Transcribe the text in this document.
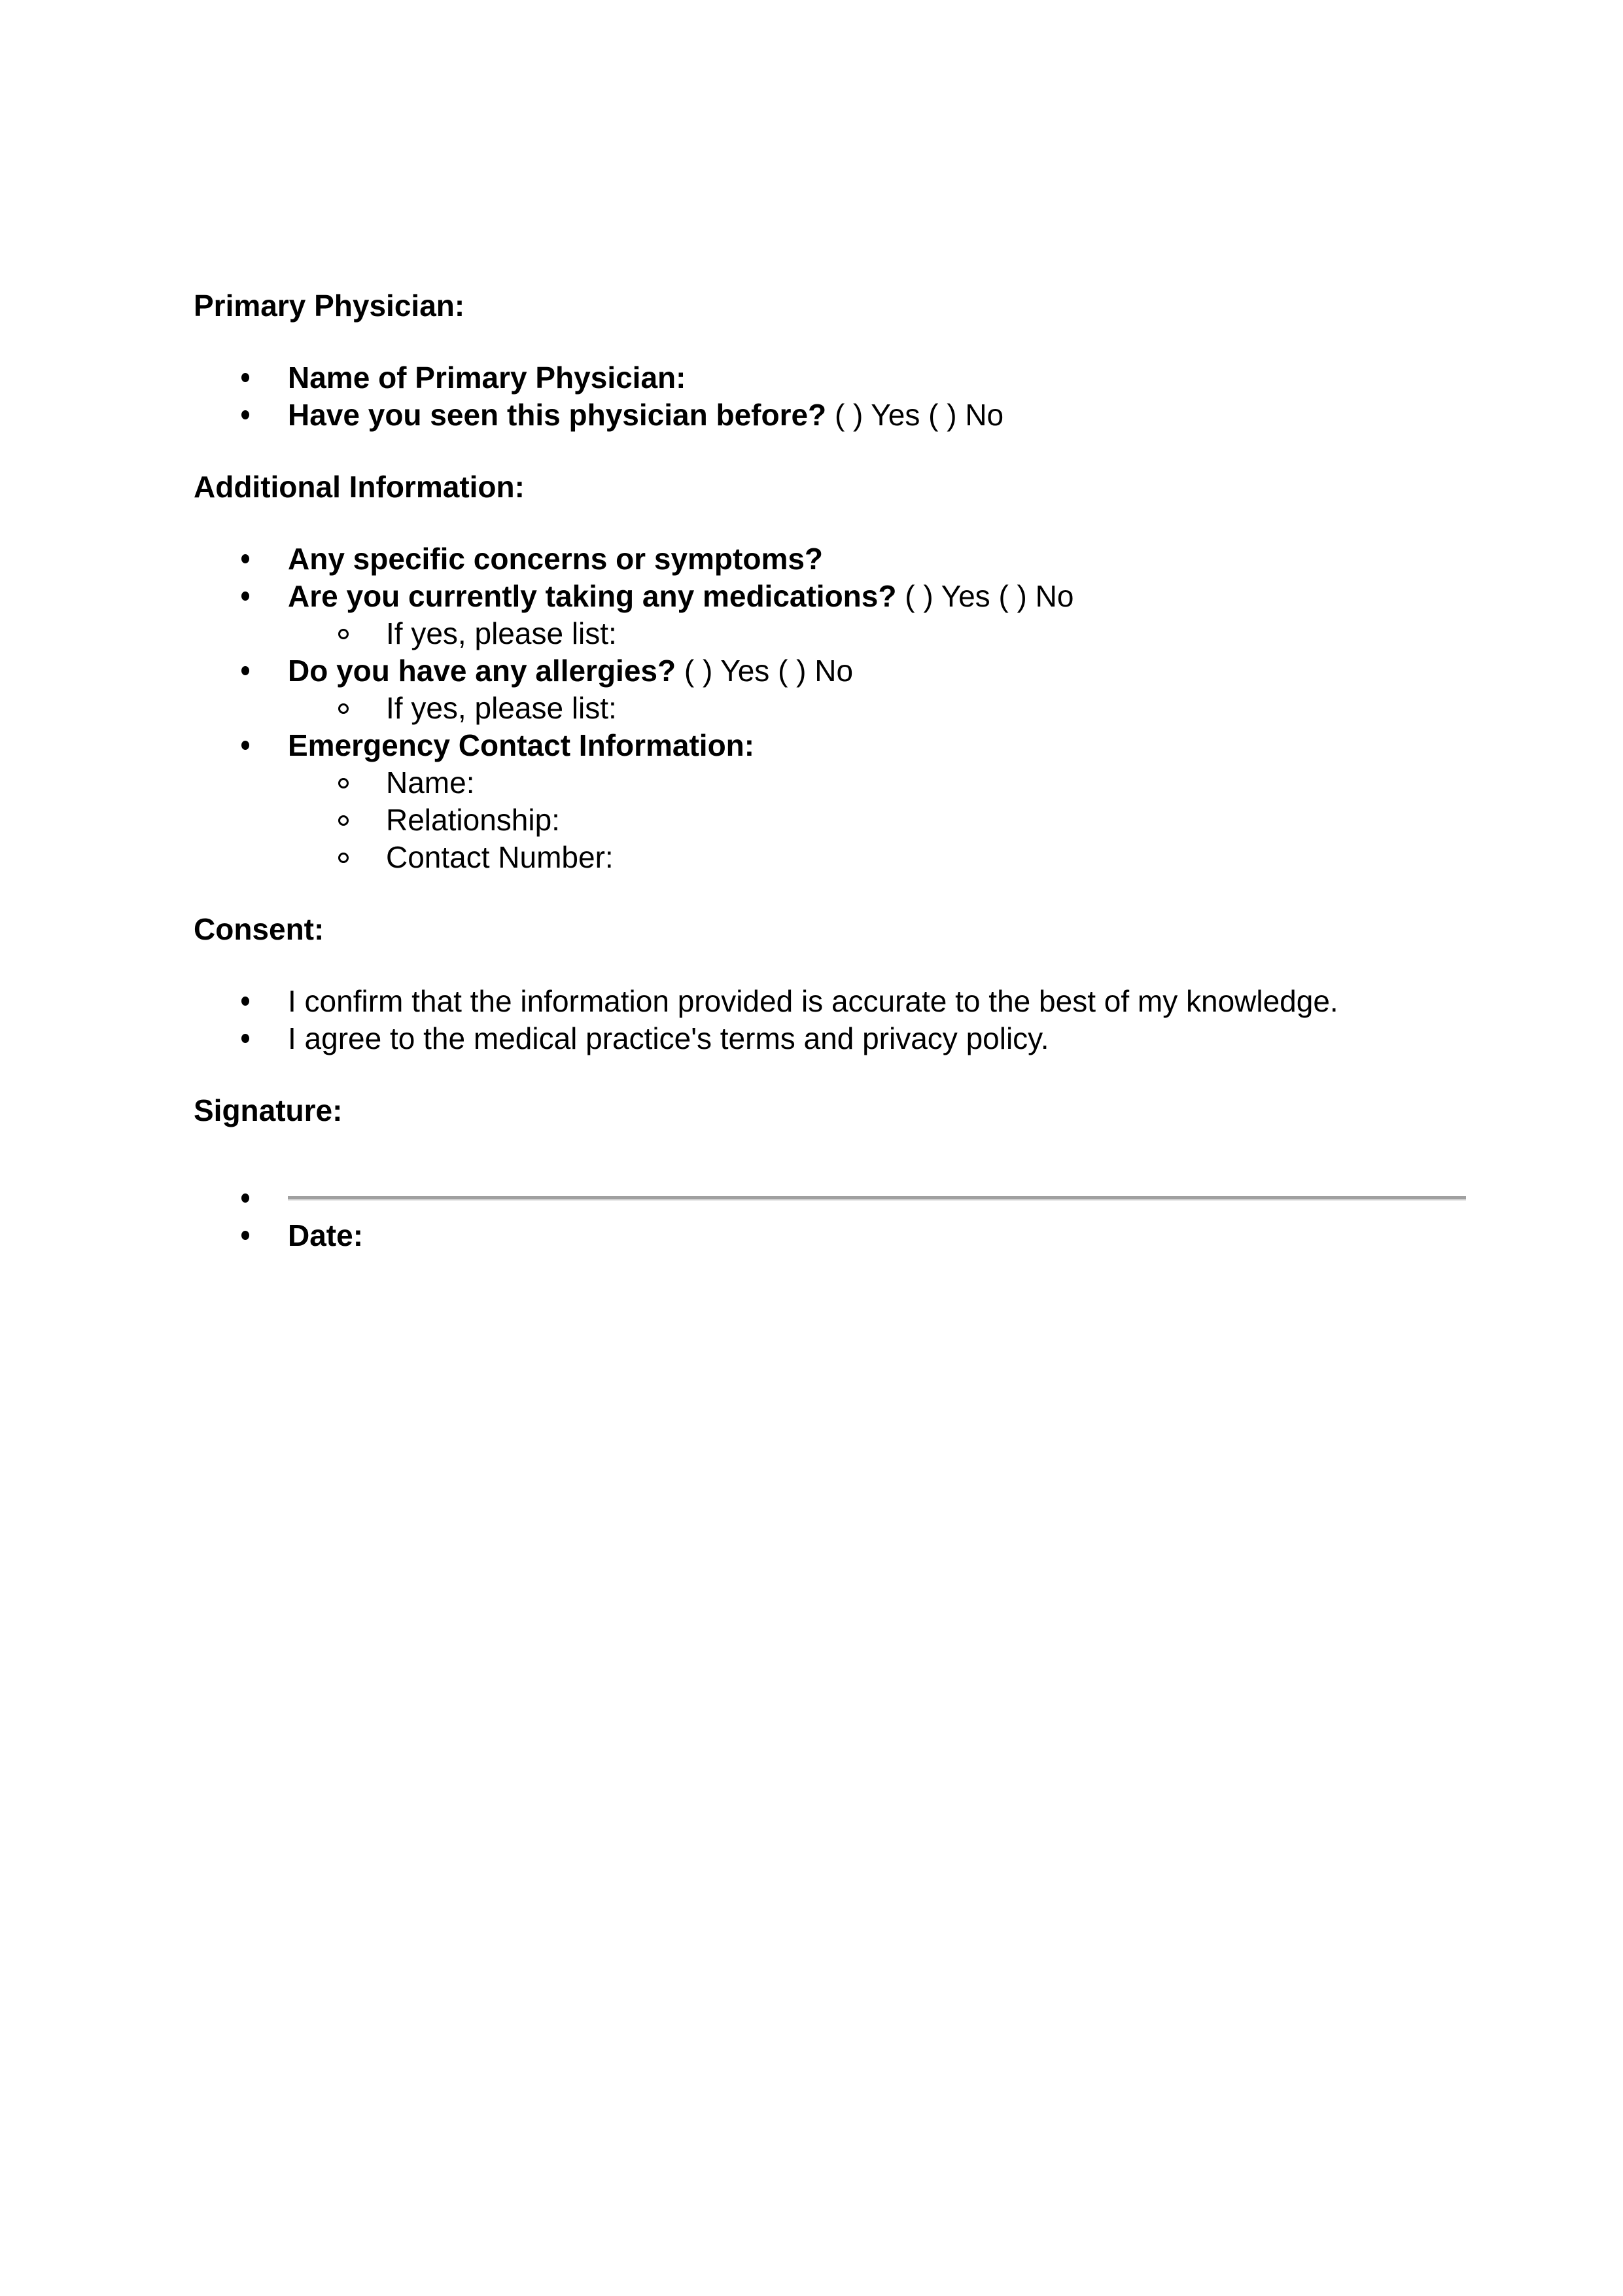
Primary Physician:
Name of Primary Physician:
Have you seen this physician before? ( ) Yes ( ) No
Additional Information:
Any specific concerns or symptoms?
Are you currently taking any medications? ( ) Yes ( ) No
If yes, please list:
Do you have any allergies? ( ) Yes ( ) No
If yes, please list:
Emergency Contact Information:
Name:
Relationship:
Contact Number:
Consent:
I confirm that the information provided is accurate to the best of my knowledge.
I agree to the medical practice's terms and privacy policy.
Signature:
Date:
